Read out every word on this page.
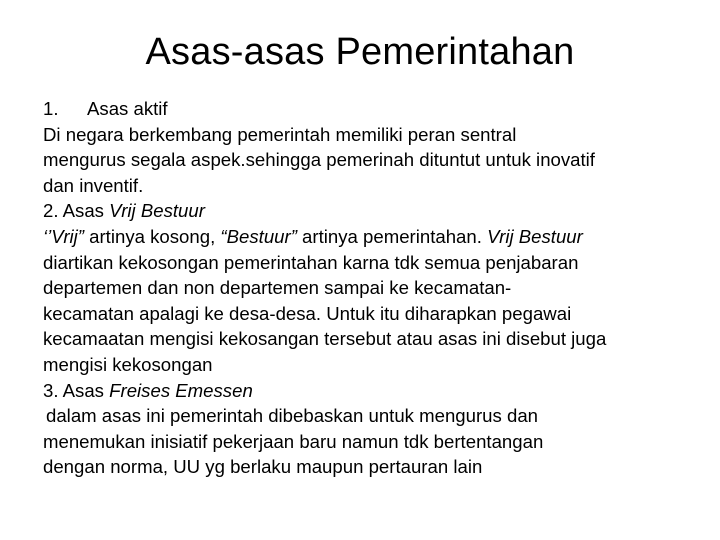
Asas-asas Pemerintahan
1. Asas aktif
Di negara berkembang pemerintah memiliki peran sentral
mengurus segala aspek.sehingga pemerinah dituntut untuk inovatif
dan inventif.
2. Asas Vrij Bestuur
‘’Vrij” artinya kosong, “Bestuur” artinya pemerintahan. Vrij Bestuur
diartikan kekosongan pemerintahan karna tdk semua penjabaran
departemen dan non departemen sampai ke kecamatan-
kecamatan apalagi ke desa-desa. Untuk itu diharapkan pegawai
kecamaatan mengisi kekosangan tersebut atau asas ini disebut juga
mengisi kekosongan
3. Asas Freises Emessen
dalam asas ini pemerintah dibebaskan untuk mengurus dan
menemukan inisiatif pekerjaan baru namun tdk bertentangan
dengan norma, UU yg berlaku maupun pertauran lain
